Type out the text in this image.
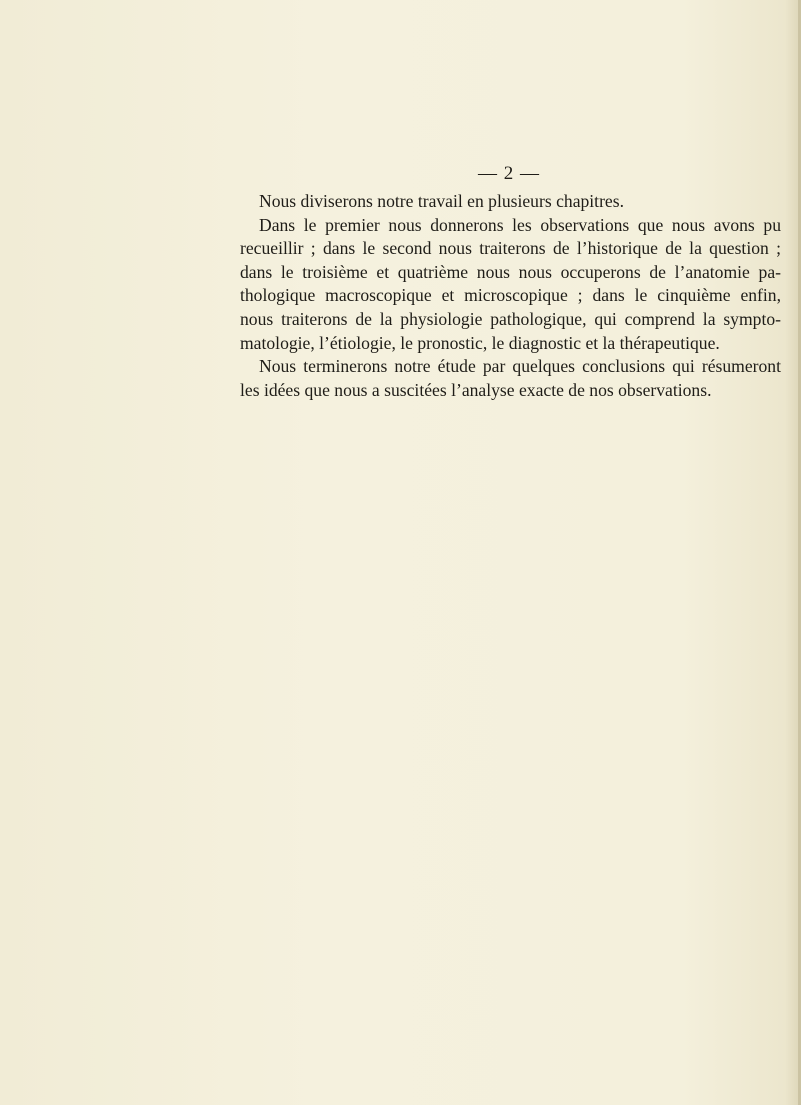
— 2 —
Nous diviserons notre travail en plusieurs chapitres.
Dans le premier nous donnerons les observations que nous avons pu
recueillir ; dans le second nous traiterons de l’historique de la question ;
dans le troisième et quatrième nous nous occuperons de l’anatomie pa-
thologique macroscopique et microscopique ; dans le cinquième enfin,
nous traiterons de la physiologie pathologique, qui comprend la sympto-
matologie, l’étiologie, le pronostic, le diagnostic et la thérapeutique.
Nous terminerons notre étude par quelques conclusions qui résumeront
les idées que nous a suscitées l’analyse exacte de nos observations.
